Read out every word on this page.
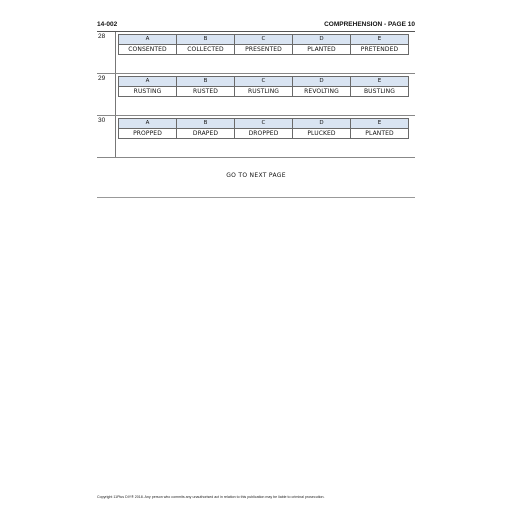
14-002	COMPREHENSION - PAGE 10
28	A	B	C	D	E
CONSENTED	COLLECTED	PRESENTED	PLANTED	PRETENDED
29	A	B	C	D	E
RUSTING	RUSTED	RUSTLING	REVOLTING	BUSTLING
30	A	B	C	D	E
PROPPED	DRAPED	DROPPED	PLUCKED	PLANTED
GO TO NEXT PAGE
Copyright 11Plus DIY® 2018. Any person who commits any unauthorised act in relation to this publication may be liable to criminal prosecution.
